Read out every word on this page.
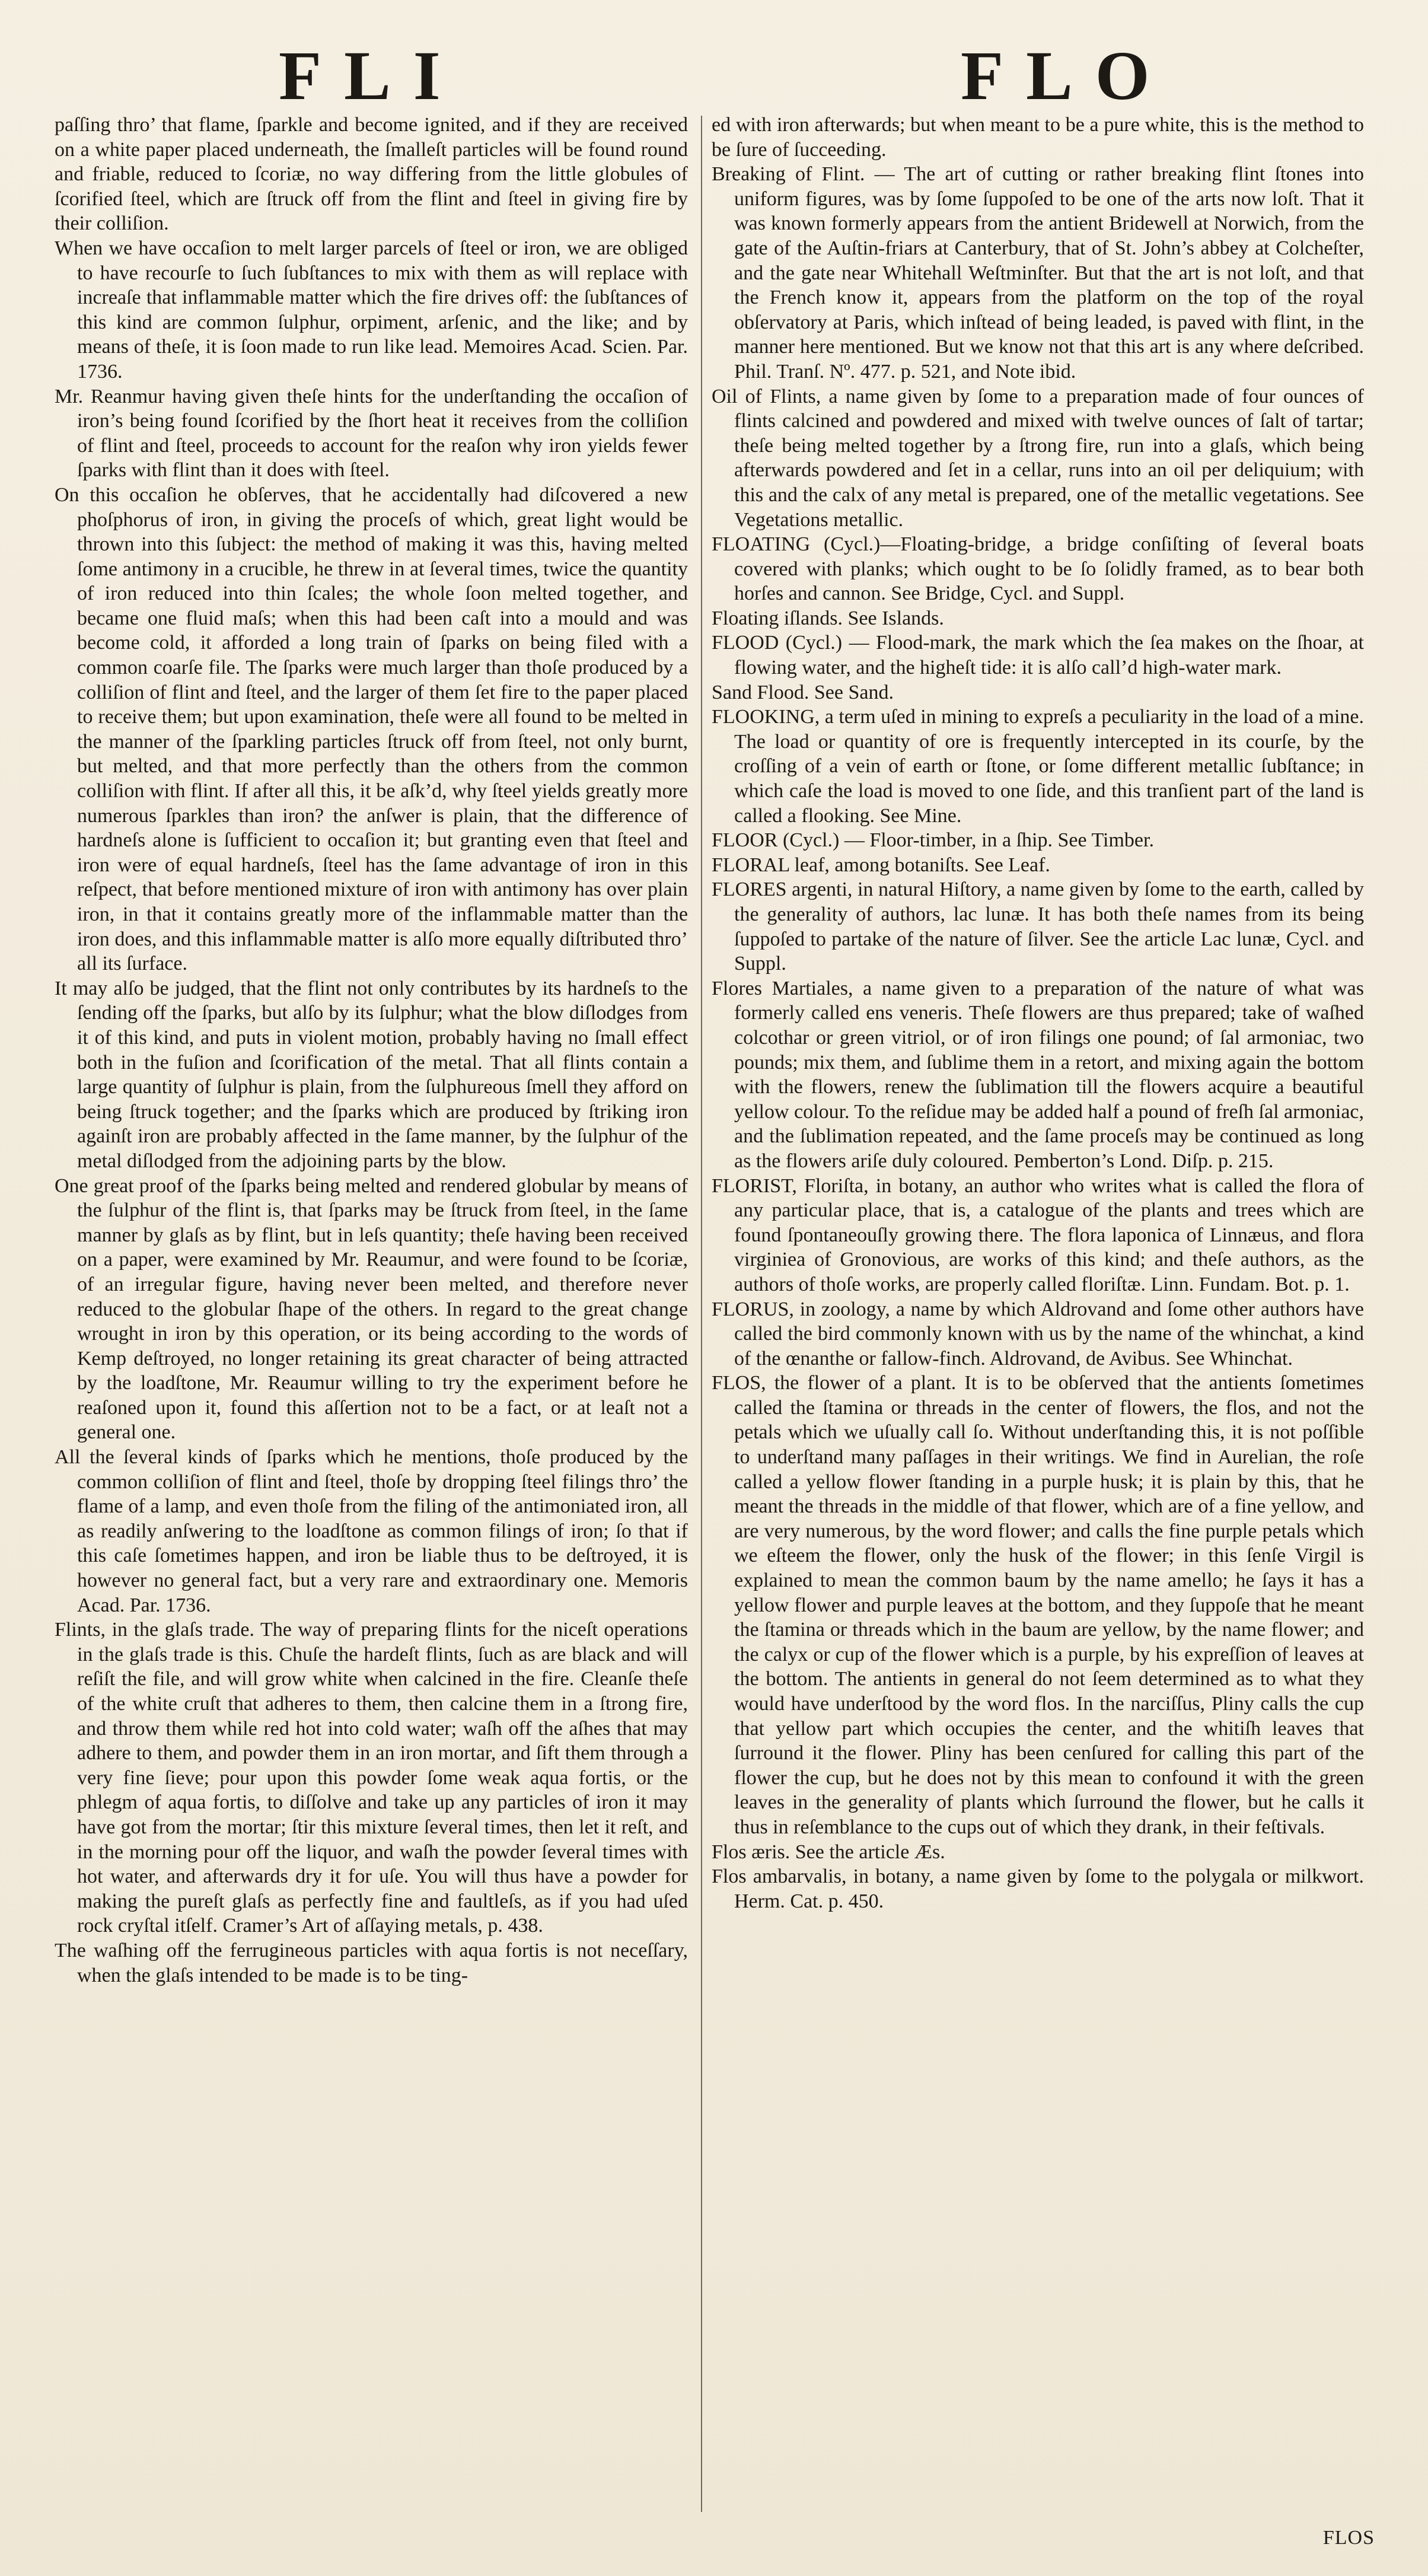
FLI	FLO

paſſing thro’ that flame, ſparkle and become ignited, and if they are received on a white paper placed underneath, the ſmalleſt particles will be found round and friable, reduced to ſcoriæ, no way differing from the little globules of ſcorified ſteel, which are ſtruck off from the flint and ſteel in giving fire by their colliſion.

When we have occaſion to melt larger parcels of ſteel or iron, we are obliged to have recourſe to ſuch ſubſtances to mix with them as will replace with increaſe that inflammable matter which the fire drives off: the ſubſtances of this kind are common ſulphur, orpiment, arſenic, and the like; and by means of theſe, it is ſoon made to run like lead. Memoires Acad. Scien. Par. 1736.

Mr. Reanmur having given theſe hints for the underſtanding the occaſion of iron’s being found ſcorified by the ſhort heat it receives from the colliſion of flint and ſteel, proceeds to account for the reaſon why iron yields fewer ſparks with flint than it does with ſteel.

On this occaſion he obſerves, that he accidentally had diſcovered a new phoſphorus of iron, in giving the proceſs of which, great light would be thrown into this ſubject: the method of making it was this, having melted ſome antimony in a crucible, he threw in at ſeveral times, twice the quantity of iron reduced into thin ſcales; the whole ſoon melted together, and became one fluid maſs; when this had been caſt into a mould and was become cold, it afforded a long train of ſparks on being filed with a common coarſe file. The ſparks were much larger than thoſe produced by a colliſion of flint and ſteel, and the larger of them ſet fire to the paper placed to receive them; but upon examination, theſe were all found to be melted in the manner of the ſparkling particles ſtruck off from ſteel, not only burnt, but melted, and that more perfectly than the others from the common colliſion with flint. If after all this, it be aſk’d, why ſteel yields greatly more numerous ſparkles than iron? the anſwer is plain, that the difference of hardneſs alone is ſufficient to occaſion it; but granting even that ſteel and iron were of equal hardneſs, ſteel has the ſame advantage of iron in this reſpect, that before mentioned mixture of iron with antimony has over plain iron, in that it contains greatly more of the inflammable matter than the iron does, and this inflammable matter is alſo more equally diſtributed thro’ all its ſurface.

It may alſo be judged, that the flint not only contributes by its hardneſs to the ſending off the ſparks, but alſo by its ſulphur; what the blow diſlodges from it of this kind, and puts in violent motion, probably having no ſmall effect both in the fuſion and ſcorification of the metal. That all flints contain a large quantity of ſulphur is plain, from the ſulphureous ſmell they afford on being ſtruck together; and the ſparks which are produced by ſtriking iron againſt iron are probably affected in the ſame manner, by the ſulphur of the metal diſlodged from the adjoining parts by the blow.

One great proof of the ſparks being melted and rendered globular by means of the ſulphur of the flint is, that ſparks may be ſtruck from ſteel, in the ſame manner by glaſs as by flint, but in leſs quantity; theſe having been received on a paper, were examined by Mr. Reaumur, and were found to be ſcoriæ, of an irregular figure, having never been melted, and therefore never reduced to the globular ſhape of the others. In regard to the great change wrought in iron by this operation, or its being according to the words of Kemp deſtroyed, no longer retaining its great character of being attracted by the loadſtone, Mr. Reaumur willing to try the experiment before he reaſoned upon it, found this aſſertion not to be a fact, or at leaſt not a general one.

All the ſeveral kinds of ſparks which he mentions, thoſe produced by the common colliſion of flint and ſteel, thoſe by dropping ſteel filings thro’ the flame of a lamp, and even thoſe from the filing of the antimoniated iron, all as readily anſwering to the loadſtone as common filings of iron; ſo that if this caſe ſometimes happen, and iron be liable thus to be deſtroyed, it is however no general fact, but a very rare and extraordinary one. Memoris Acad. Par. 1736.

Flints, in the glaſs trade. The way of preparing flints for the niceſt operations in the glaſs trade is this. Chuſe the hardeſt flints, ſuch as are black and will reſiſt the file, and will grow white when calcined in the fire. Cleanſe theſe of the white cruſt that adheres to them, then calcine them in a ſtrong fire, and throw them while red hot into cold water; waſh off the aſhes that may adhere to them, and powder them in an iron mortar, and ſift them through a very fine ſieve; pour upon this powder ſome weak aqua fortis, or the phlegm of aqua fortis, to diſſolve and take up any particles of iron it may have got from the mortar; ſtir this mixture ſeveral times, then let it reſt, and in the morning pour off the liquor, and waſh the powder ſeveral times with hot water, and afterwards dry it for uſe. You will thus have a powder for making the pureſt glaſs as perfectly fine and faultleſs, as if you had uſed rock cryſtal itſelf. Cramer’s Art of aſſaying metals, p. 438.

The waſhing off the ferrugineous particles with aqua fortis is not neceſſary, when the glaſs intended to be made is to be ting-

ed with iron afterwards; but when meant to be a pure white, this is the method to be ſure of ſucceeding.

Breaking of Flint. — The art of cutting or rather breaking flint ſtones into uniform figures, was by ſome ſuppoſed to be one of the arts now loſt. That it was known formerly appears from the antient Bridewell at Norwich, from the gate of the Auſtin-friars at Canterbury, that of St. John’s abbey at Colcheſter, and the gate near Whitehall Weſtminſter. But that the art is not loſt, and that the French know it, appears from the platform on the top of the royal obſervatory at Paris, which inſtead of being leaded, is paved with flint, in the manner here mentioned. But we know not that this art is any where deſcribed. Phil. Tranſ. Nº. 477. p. 521, and Note ibid.

Oil of Flints, a name given by ſome to a preparation made of four ounces of flints calcined and powdered and mixed with twelve ounces of ſalt of tartar; theſe being melted together by a ſtrong fire, run into a glaſs, which being afterwards powdered and ſet in a cellar, runs into an oil per deliquium; with this and the calx of any metal is prepared, one of the metallic vegetations. See Vegetations metallic.

FLOATING (Cycl.)—Floating-bridge, a bridge conſiſting of ſeveral boats covered with planks; which ought to be ſo ſolidly framed, as to bear both horſes and cannon. See Bridge, Cycl. and Suppl.

Floating iſlands. See Islands.

FLOOD (Cycl.) — Flood-mark, the mark which the ſea makes on the ſhoar, at flowing water, and the higheſt tide: it is alſo call’d high-water mark.

Sand Flood. See Sand.

FLOOKING, a term uſed in mining to expreſs a peculiarity in the load of a mine. The load or quantity of ore is frequently intercepted in its courſe, by the croſſing of a vein of earth or ſtone, or ſome different metallic ſubſtance; in which caſe the load is moved to one ſide, and this tranſient part of the land is called a flooking. See Mine.

FLOOR (Cycl.) — Floor-timber, in a ſhip. See Timber.

FLORAL leaf, among botaniſts. See Leaf.

FLORES argenti, in natural Hiſtory, a name given by ſome to the earth, called by the generality of authors, lac lunæ. It has both theſe names from its being ſuppoſed to partake of the nature of ſilver. See the article Lac lunæ, Cycl. and Suppl.

Flores Martiales, a name given to a preparation of the nature of what was formerly called ens veneris. Theſe flowers are thus prepared; take of waſhed colcothar or green vitriol, or of iron filings one pound; of ſal armoniac, two pounds; mix them, and ſublime them in a retort, and mixing again the bottom with the flowers, renew the ſublimation till the flowers acquire a beautiful yellow colour. To the reſidue may be added half a pound of freſh ſal armoniac, and the ſublimation repeated, and the ſame proceſs may be continued as long as the flowers ariſe duly coloured. Pemberton’s Lond. Diſp. p. 215.

FLORIST, Floriſta, in botany, an author who writes what is called the flora of any particular place, that is, a catalogue of the plants and trees which are found ſpontaneouſly growing there. The flora laponica of Linnæus, and flora virginiea of Gronovious, are works of this kind; and theſe authors, as the authors of thoſe works, are properly called floriſtæ. Linn. Fundam. Bot. p. 1.

FLORUS, in zoology, a name by which Aldrovand and ſome other authors have called the bird commonly known with us by the name of the whinchat, a kind of the œnanthe or fallow-finch. Aldrovand, de Avibus. See Whinchat.

FLOS, the flower of a plant. It is to be obſerved that the antients ſometimes called the ſtamina or threads in the center of flowers, the flos, and not the petals which we uſually call ſo. Without underſtanding this, it is not poſſible to underſtand many paſſages in their writings. We find in Aurelian, the roſe called a yellow flower ſtanding in a purple husk; it is plain by this, that he meant the threads in the middle of that flower, which are of a fine yellow, and are very numerous, by the word flower; and calls the fine purple petals which we eſteem the flower, only the husk of the flower; in this ſenſe Virgil is explained to mean the common baum by the name amello; he ſays it has a yellow flower and purple leaves at the bottom, and they ſuppoſe that he meant the ſtamina or threads which in the baum are yellow, by the name flower; and the calyx or cup of the flower which is a purple, by his expreſſion of leaves at the bottom. The antients in general do not ſeem determined as to what they would have underſtood by the word flos. In the narciſſus, Pliny calls the cup that yellow part which occupies the center, and the whitiſh leaves that ſurround it the flower. Pliny has been cenſured for calling this part of the flower the cup, but he does not by this mean to confound it with the green leaves in the generality of plants which ſurround the flower, but he calls it thus in reſemblance to the cups out of which they drank, in their feſtivals.

Flos æris. See the article Æs.

Flos ambarvalis, in botany, a name given by ſome to the polygala or milkwort. Herm. Cat. p. 450.

FLOS
